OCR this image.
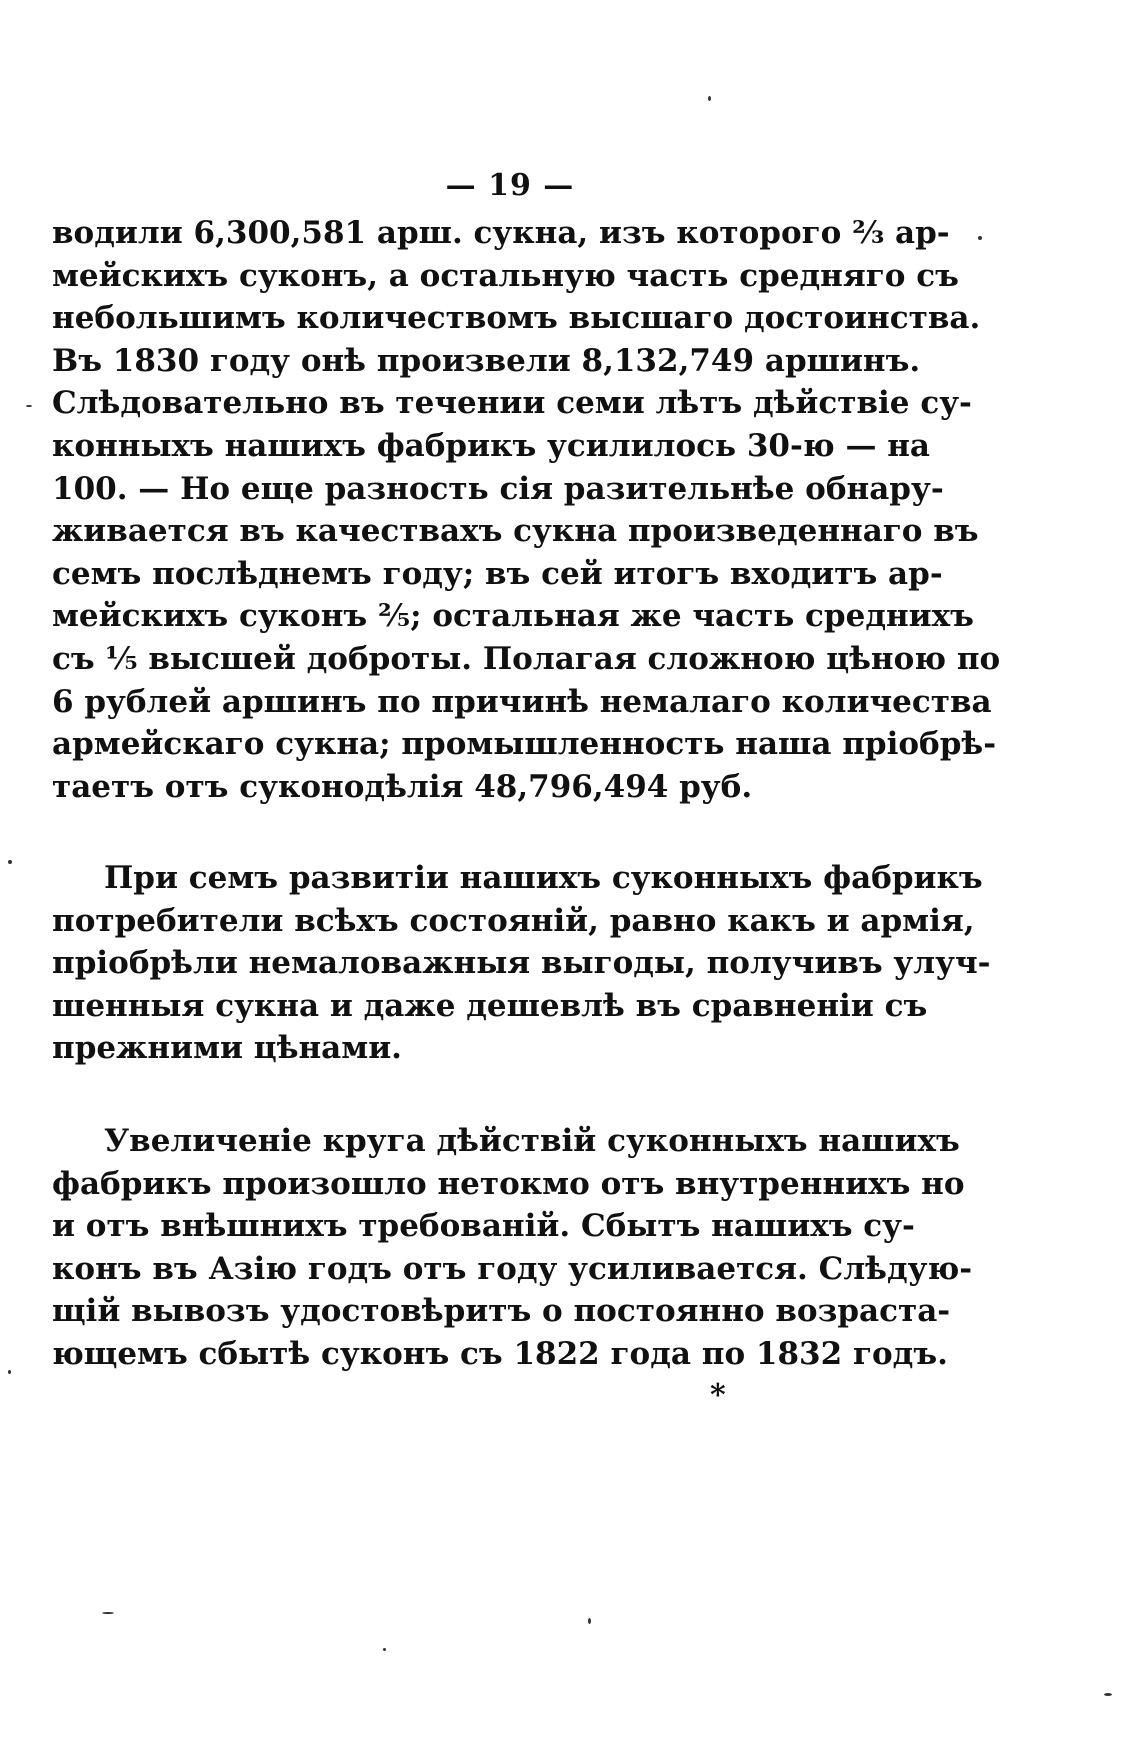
— 19 —
водили 6,300,581 арш. сукна, изъ которого ⅔ ар-
мейскихъ суконъ, а остальную часть средняго съ
небольшимъ количествомъ высшаго достоинства.
Въ 1830 году онѣ произвели 8,132,749 аршинъ.
Слѣдовательно въ течении семи лѣтъ дѣйствіе су-
конныхъ нашихъ фабрикъ усилилось 30-ю — на
100. — Но еще разность сія разительнѣе обнару-
живается въ качествахъ сукна произведеннаго въ
семъ послѣднемъ году; въ сей итогъ входитъ ар-
мейскихъ суконъ ⅖; остальная же часть среднихъ
съ ⅕ высшей доброты. Полагая сложною цѣною по
6 рублей аршинъ по причинѣ немалаго количества
армейскаго сукна; промышленность наша пріобрѣ-
таетъ отъ суконодѣлія 48,796,494 руб.
При семъ развитіи нашихъ суконныхъ фабрикъ
потребители всѣхъ состояній, равно какъ и армія,
пріобрѣли немаловажныя выгоды, получивъ улуч-
шенныя сукна и даже дешевлѣ въ сравненіи съ
прежними цѣнами.
Увеличеніе круга дѣйствій суконныхъ нашихъ
фабрикъ произошло нетокмо отъ внутреннихъ но
и отъ внѣшнихъ требованій. Сбытъ нашихъ су-
конъ въ Азію годъ отъ году усиливается. Слѣдую-
щій вывозъ удостовѣритъ о постоянно возраста-
ющемъ сбытѣ суконъ съ 1822 года по 1832 годъ.
*
